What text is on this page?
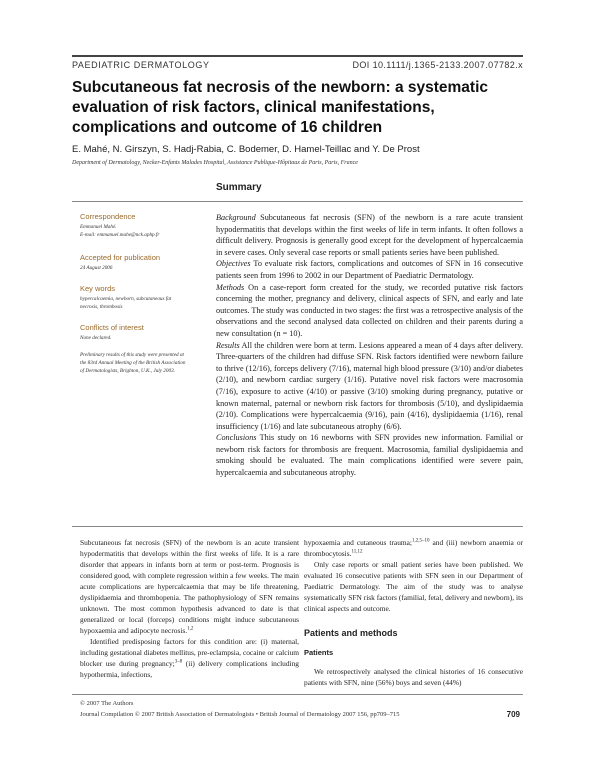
PAEDIATRIC DERMATOLOGY	DOI 10.1111/j.1365-2133.2007.07782.x
Subcutaneous fat necrosis of the newborn: a systematic evaluation of risk factors, clinical manifestations, complications and outcome of 16 children
E. Mahé, N. Girszyn, S. Hadj-Rabia, C. Bodemer, D. Hamel-Teillac and Y. De Prost
Department of Dermatology, Necker-Enfants Malades Hospital, Assistance Publique-Hôpitaux de Paris, Paris, France
Summary
Correspondence
Emmanuel Mahé.
E-mail: emmanuel.mahe@nck.aphp.fr
Accepted for publication
24 August 2006
Key words
hypercalcaemia, newborn, subcutaneous fat necrosis, thrombosis
Conflicts of interest
None declared.
Preliminary results of this study were presented at the 83rd Annual Meeting of the British Association of Dermatologists, Brighton, U.K., July 2003.

Background Subcutaneous fat necrosis (SFN) of the newborn is a rare acute transient hypodermatitis that develops within the first weeks of life in term infants. It often follows a difficult delivery. Prognosis is generally good except for the development of hypercalcaemia in severe cases. Only several case reports or small patients series have been published.

Objectives To evaluate risk factors, complications and outcomes of SFN in 16 consecutive patients seen from 1996 to 2002 in our Department of Paediatric Dermatology.

Methods On a case-report form created for the study, we recorded putative risk factors concerning the mother, pregnancy and delivery, clinical aspects of SFN, and early and late outcomes. The study was conducted in two stages: the first was a retrospective analysis of the observations and the second analysed data collected on children and their parents during a new consultation (n = 10).

Results All the children were born at term. Lesions appeared a mean of 4 days after delivery. Three-quarters of the children had diffuse SFN. Risk factors identified were newborn failure to thrive (12/16), forceps delivery (7/16), maternal high blood pressure (3/10) and/or diabetes (2/10), and newborn cardiac surgery (1/16). Putative novel risk factors were macrosomia (7/16), exposure to active (4/10) or passive (3/10) smoking during pregnancy, putative or known maternal, paternal or newborn risk factors for thrombosis (5/10), and dyslipidaemia (2/10). Complications were hypercalcaemia (9/16), pain (4/16), dyslipidaemia (1/16), renal insufficiency (1/16) and late subcutaneous atrophy (6/6).

Conclusions This study on 16 newborns with SFN provides new information. Familial or newborn risk factors for thrombosis are frequent. Macrosomia, familial dyslipidaemia and smoking should be evaluated. The main complications identified were severe pain, hypercalcaemia and subcutaneous atrophy.

Subcutaneous fat necrosis (SFN) of the newborn is an acute transient hypodermatitis that develops within the first weeks of life. It is a rare disorder that appears in infants born at term or post-term. Prognosis is considered good, with complete regression within a few weeks. The main acute complications are hypercalcaemia that may be life threatening, dyslipidaemia and thrombopenia. The pathophysiology of SFN remains unknown. The most common hypothesis advanced to date is that generalized or local (forceps) conditions might induce subcutaneous hypoxaemia and adipocyte necrosis.$^{1,2}$

Identified predisposing factors for this condition are: (i) maternal, including gestational diabetes mellitus, pre-eclampsia, cocaine or calcium blocker use during pregnancy;$^{3-8}$ (ii) delivery complications including hypothermia, infections,

hypoxaemia and cutaneous trauma;$^{1,2,5-10}$ and (iii) newborn anaemia or thrombocytosis.$^{11,12}$

Only case reports or small patient series have been published. We evaluated 16 consecutive patients with SFN seen in our Department of Paediatric Dermatology. The aim of the study was to analyse systematically SFN risk factors (familial, fetal, delivery and newborn), its clinical aspects and outcome.

Patients and methods
Patients

We retrospectively analysed the clinical histories of 16 consecutive patients with SFN, nine (56%) boys and seven (44%)

© 2007 The Authors
Journal Compilation © 2007 British Association of Dermatologists • British Journal of Dermatology 2007 156, pp709–715	709
